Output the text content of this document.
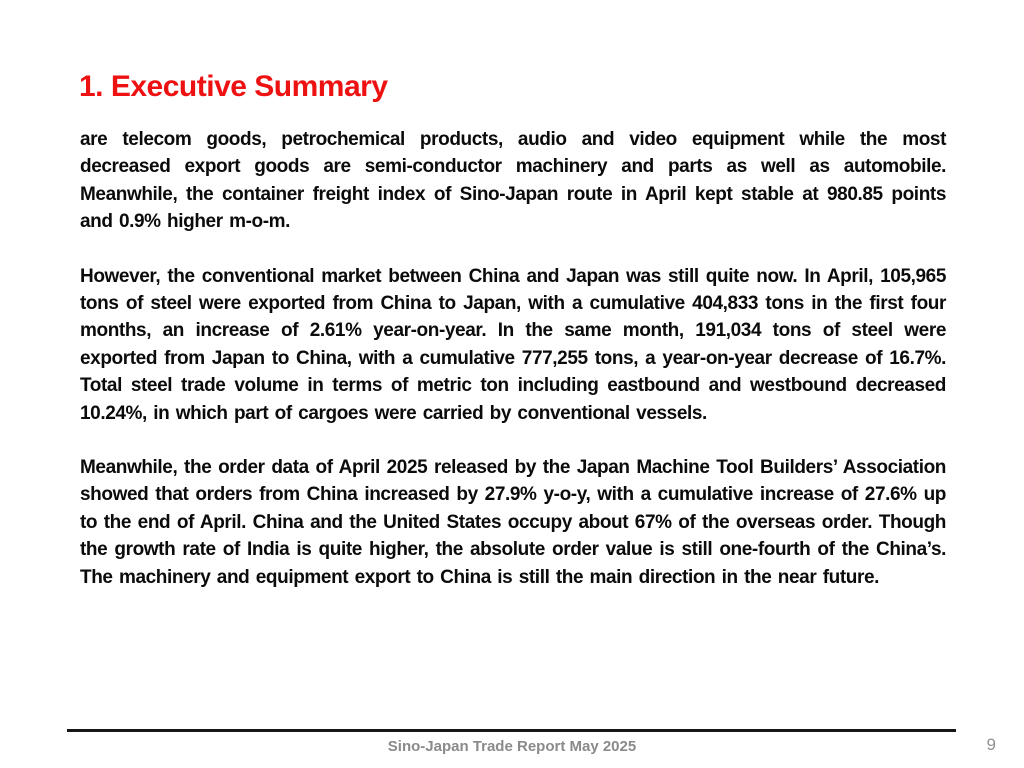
1. Executive Summary

are telecom goods, petrochemical products, audio and video equipment while the most decreased export goods are semi-conductor machinery and parts as well as automobile. Meanwhile, the container freight index of Sino-Japan route in April kept stable at 980.85 points and 0.9% higher m-o-m.

However, the conventional market between China and Japan was still quite now. In April, 105,965 tons of steel were exported from China to Japan, with a cumulative 404,833 tons in the first four months, an increase of 2.61% year-on-year. In the same month, 191,034 tons of steel were exported from Japan to China, with a cumulative 777,255 tons, a year-on-year decrease of 16.7%. Total steel trade volume in terms of metric ton including eastbound and westbound decreased 10.24%, in which part of cargoes were carried by conventional vessels.

Meanwhile, the order data of April 2025 released by the Japan Machine Tool Builders’ Association showed that orders from China increased by 27.9% y-o-y, with a cumulative increase of 27.6% up to the end of April. China and the United States occupy about 67% of the overseas order. Though the growth rate of India is quite higher, the absolute order value is still one-fourth of the China’s. The machinery and equipment export to China is still the main direction in the near future.

Sino-Japan Trade Report May 2025	9
